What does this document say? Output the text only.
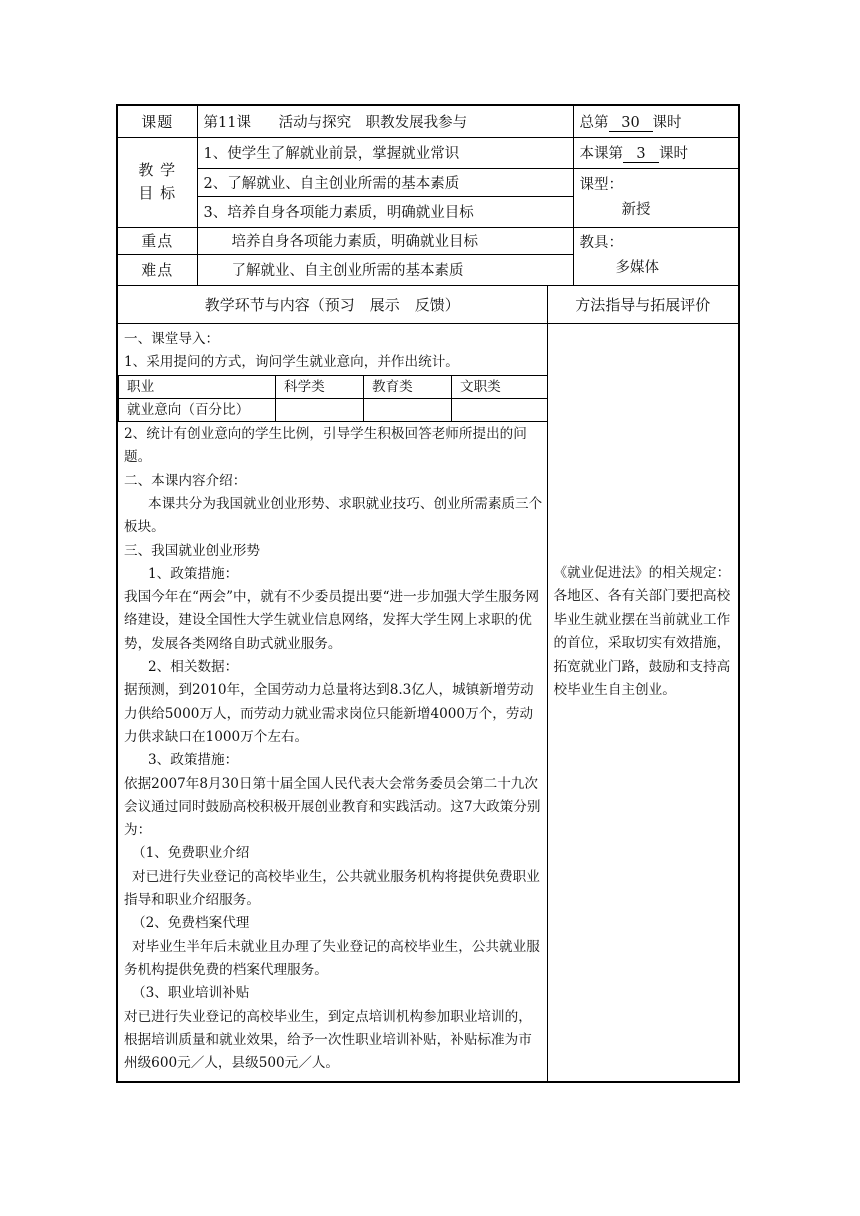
课题	第11课 活动与探究　职教发展我参与	总第 30 课时

教 学
目 标
	1、使学生了解就业前景，掌握就业常识	本课第 3 课时
2、了解就业、自主创业所需的基本素质	课型：
新授

3、培养自身各项能力素质，明确就业目标
重点	培养自身各项能力素质，明确就业目标	教具：
多媒体

难点	了解就业、自主创业所需的基本素质
教学环节与内容（预习　展示　反馈）	方法指导与拓展评价

一、课堂导入：

1、采用提问的方式，询问学生就业意向，并作出统计。

职业	科学类	教育类	文职类
就业意向（百分比）			

2、统计有创业意向的学生比例，引导学生积极回答老师所提出的问题。

二、本课内容介绍：

本课共分为我国就业创业形势、求职就业技巧、创业所需素质三个板块。

三、我国就业创业形势

1、政策措施：

我国今年在“两会”中，就有不少委员提出要“进一步加强大学生服务网络建设，建设全国性大学生就业信息网络，发挥大学生网上求职的优势，发展各类网络自助式就业服务。

2、相关数据：

据预测，到2010年，全国劳动力总量将达到8.3亿人，城镇新增劳动力供给5000万人，而劳动力就业需求岗位只能新增4000万个，劳动力供求缺口在1000万个左右。

3、政策措施：

依据2007年8月30日第十届全国人民代表大会常务委员会第二十九次会议通过同时鼓励高校积极开展创业教育和实践活动。这7大政策分别为：

（1、免费职业介绍

对已进行失业登记的高校毕业生，公共就业服务机构将提供免费职业指导和职业介绍服务。

（2、免费档案代理

对毕业生半年后未就业且办理了失业登记的高校毕业生，公共就业服务机构提供免费的档案代理服务。

（3、职业培训补贴

对已进行失业登记的高校毕业生，到定点培训机构参加职业培训的，根据培训质量和就业效果，给予一次性职业培训补贴，补贴标准为市州级600元／人，县级500元／人。

《就业促进法》的相关规定：各地区、各有关部门要把高校毕业生就业摆在当前就业工作的首位，采取切实有效措施，拓宽就业门路，鼓励和支持高校毕业生自主创业。
